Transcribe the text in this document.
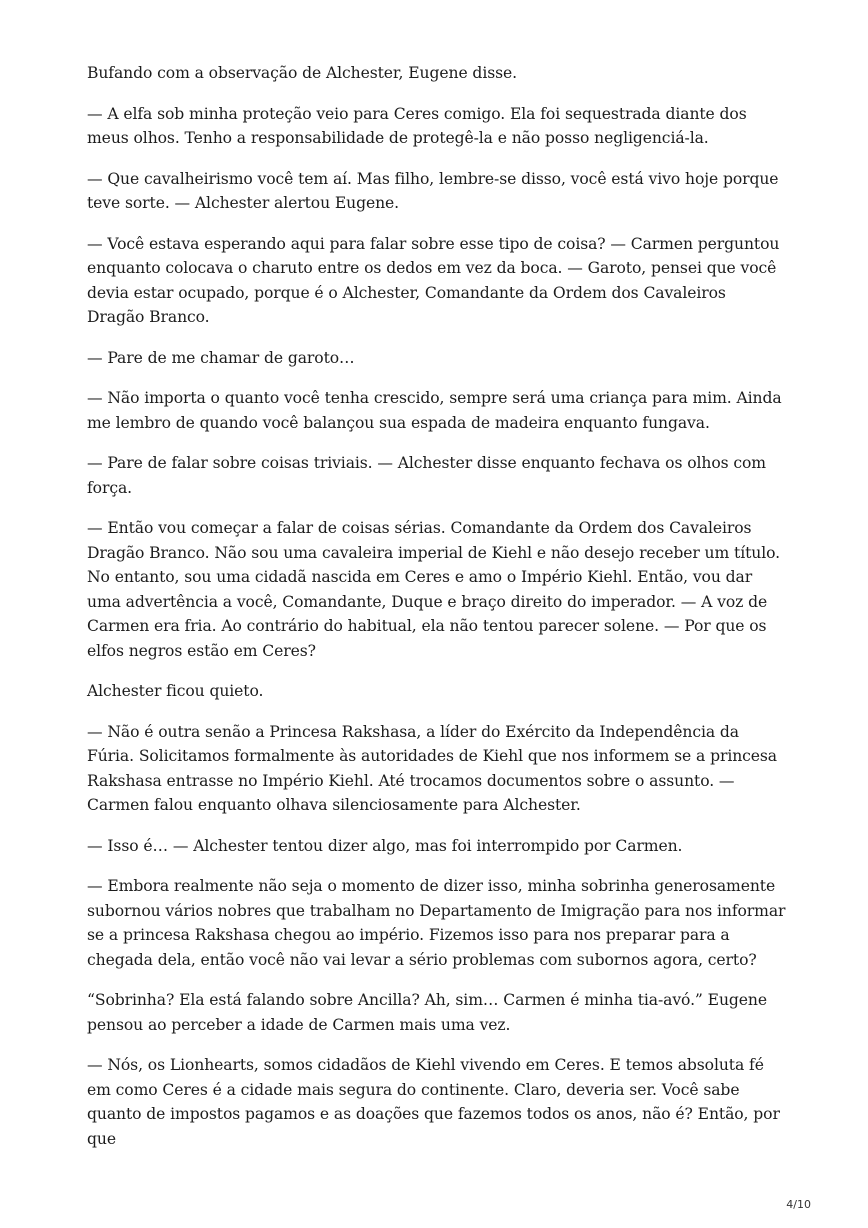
Bufando com a observação de Alchester, Eugene disse.

— A elfa sob minha proteção veio para Ceres comigo. Ela foi sequestrada diante dos meus olhos. Tenho a responsabilidade de protegê-la e não posso negligenciá-la.

— Que cavalheirismo você tem aí. Mas filho, lembre-se disso, você está vivo hoje porque teve sorte. — Alchester alertou Eugene.

— Você estava esperando aqui para falar sobre esse tipo de coisa? — Carmen perguntou enquanto colocava o charuto entre os dedos em vez da boca. — Garoto, pensei que você devia estar ocupado, porque é o Alchester, Comandante da Ordem dos Cavaleiros Dragão Branco.

— Pare de me chamar de garoto…

— Não importa o quanto você tenha crescido, sempre será uma criança para mim. Ainda me lembro de quando você balançou sua espada de madeira enquanto fungava.

— Pare de falar sobre coisas triviais. — Alchester disse enquanto fechava os olhos com força.

— Então vou começar a falar de coisas sérias. Comandante da Ordem dos Cavaleiros Dragão Branco. Não sou uma cavaleira imperial de Kiehl e não desejo receber um título. No entanto, sou uma cidadã nascida em Ceres e amo o Império Kiehl. Então, vou dar uma advertência a você, Comandante, Duque e braço direito do imperador. — A voz de Carmen era fria. Ao contrário do habitual, ela não tentou parecer solene. — Por que os elfos negros estão em Ceres?

Alchester ficou quieto.

— Não é outra senão a Princesa Rakshasa, a líder do Exército da Independência da Fúria. Solicitamos formalmente às autoridades de Kiehl que nos informem se a princesa Rakshasa entrasse no Império Kiehl. Até trocamos documentos sobre o assunto. — Carmen falou enquanto olhava silenciosamente para Alchester.

— Isso é… — Alchester tentou dizer algo, mas foi interrompido por Carmen.

— Embora realmente não seja o momento de dizer isso, minha sobrinha generosamente subornou vários nobres que trabalham no Departamento de Imigração para nos informar se a princesa Rakshasa chegou ao império. Fizemos isso para nos preparar para a chegada dela, então você não vai levar a sério problemas com subornos agora, certo?

“Sobrinha? Ela está falando sobre Ancilla? Ah, sim… Carmen é minha tia-avó.” Eugene pensou ao perceber a idade de Carmen mais uma vez.

— Nós, os Lionhearts, somos cidadãos de Kiehl vivendo em Ceres. E temos absoluta fé em como Ceres é a cidade mais segura do continente. Claro, deveria ser. Você sabe quanto de impostos pagamos e as doações que fazemos todos os anos, não é? Então, por que

4/10
